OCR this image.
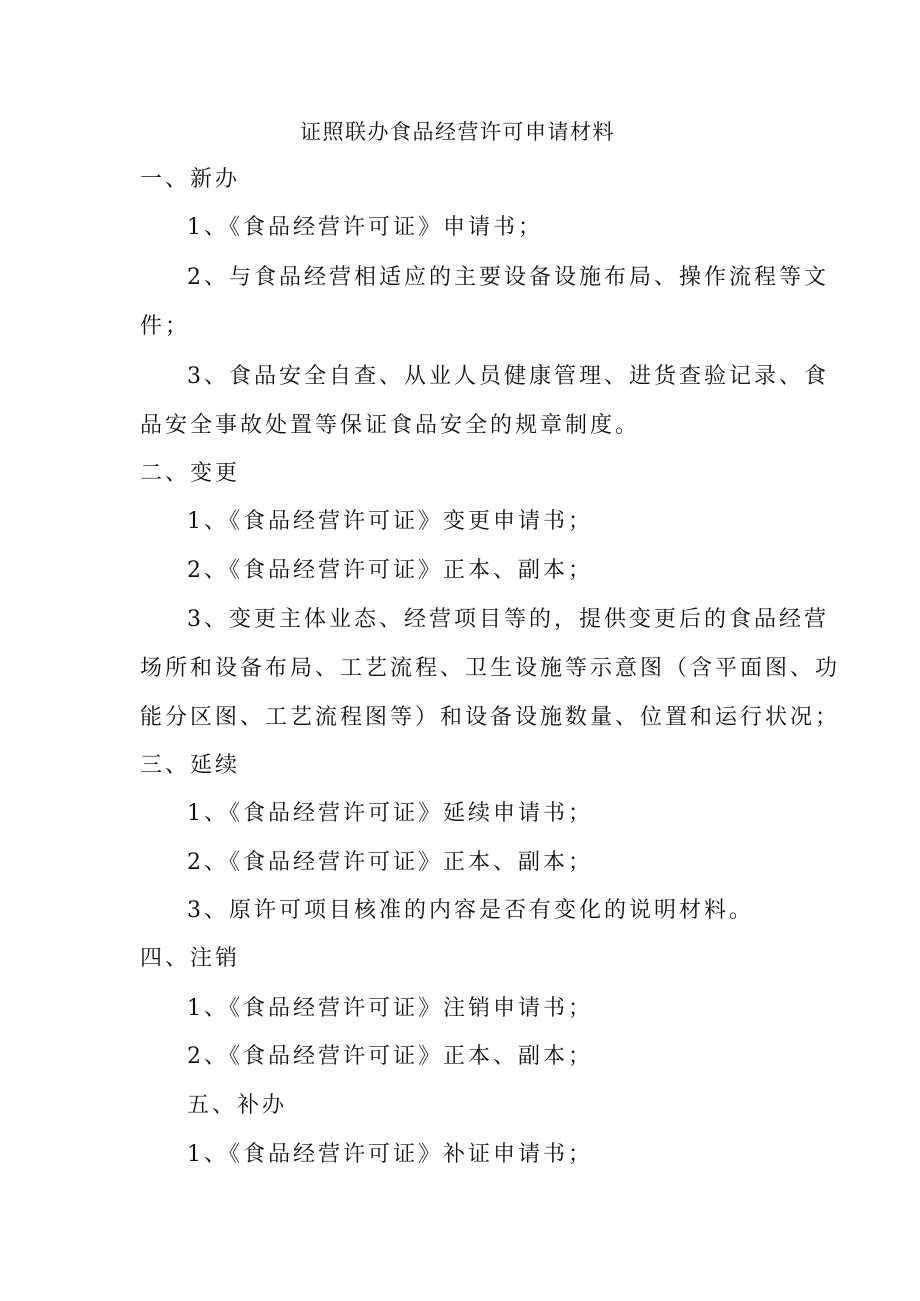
证照联办食品经营许可申请材料
一、新办
1、《食品经营许可证》申请书；
2、与食品经营相适应的主要设备设施布局、操作流程等文
件；
3、食品安全自查、从业人员健康管理、进货查验记录、食
品安全事故处置等保证食品安全的规章制度。
二、变更
1、《食品经营许可证》变更申请书；
2、《食品经营许可证》正本、副本；
3、变更主体业态、经营项目等的，提供变更后的食品经营
场所和设备布局、工艺流程、卫生设施等示意图（含平面图、功
能分区图、工艺流程图等）和设备设施数量、位置和运行状况；
三、延续
1、《食品经营许可证》延续申请书；
2、《食品经营许可证》正本、副本；
3、原许可项目核准的内容是否有变化的说明材料。
四、注销
1、《食品经营许可证》注销申请书；
2、《食品经营许可证》正本、副本；
五、补办
1、《食品经营许可证》补证申请书；
